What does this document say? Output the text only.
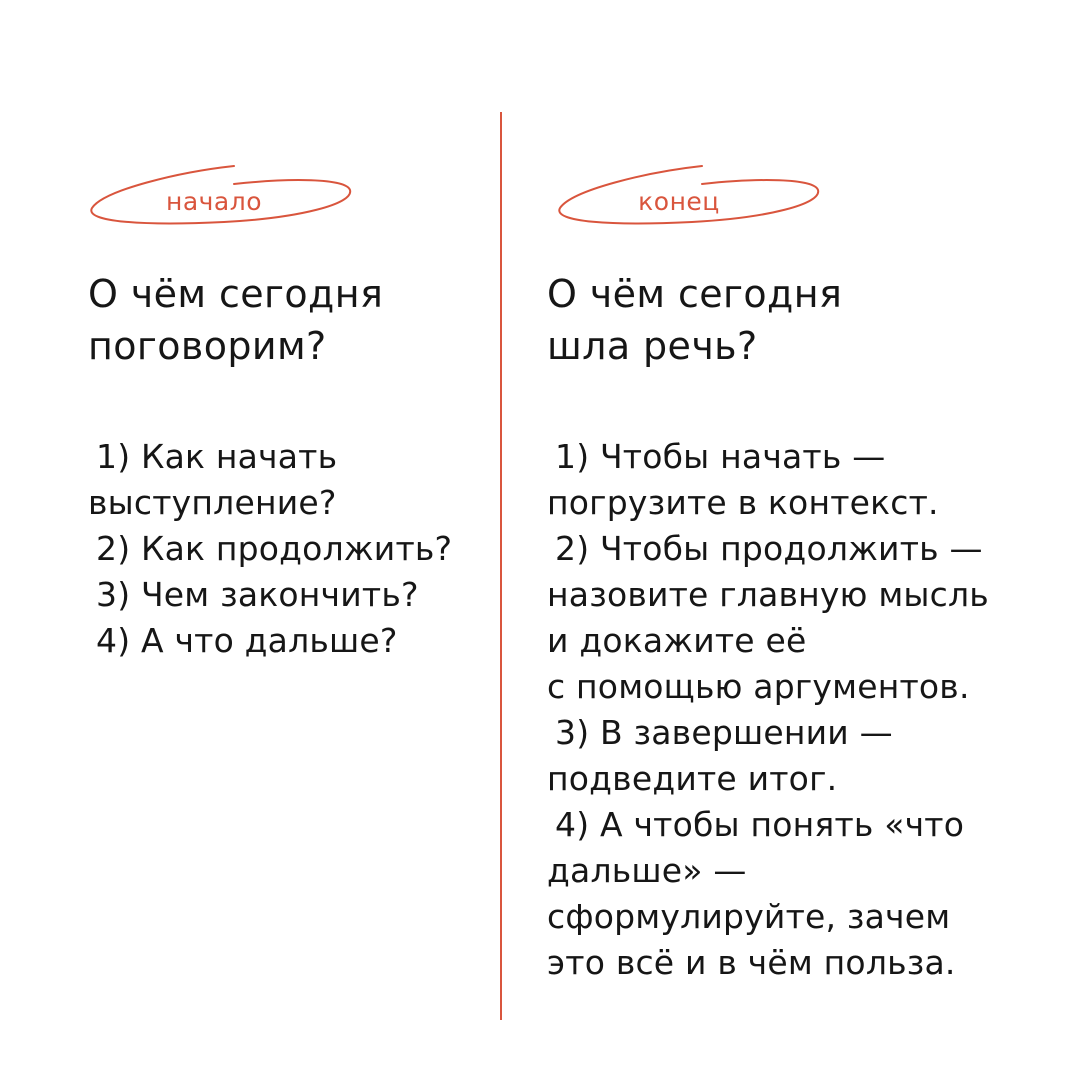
начало
О чём сегодня
поговорим?
1) Как начать
выступление?
2) Как продолжить?
3) Чем закончить?
4) А что дальше?
конец
О чём сегодня
шла речь?
1) Чтобы начать —
погрузите в контекст.
2) Чтобы продолжить —
назовите главную мысль
и докажите её
с помощью аргументов.
3) В завершении —
подведите итог.
4) А чтобы понять «что
дальше» —
сформулируйте, зачем
это всё и в чём польза.
